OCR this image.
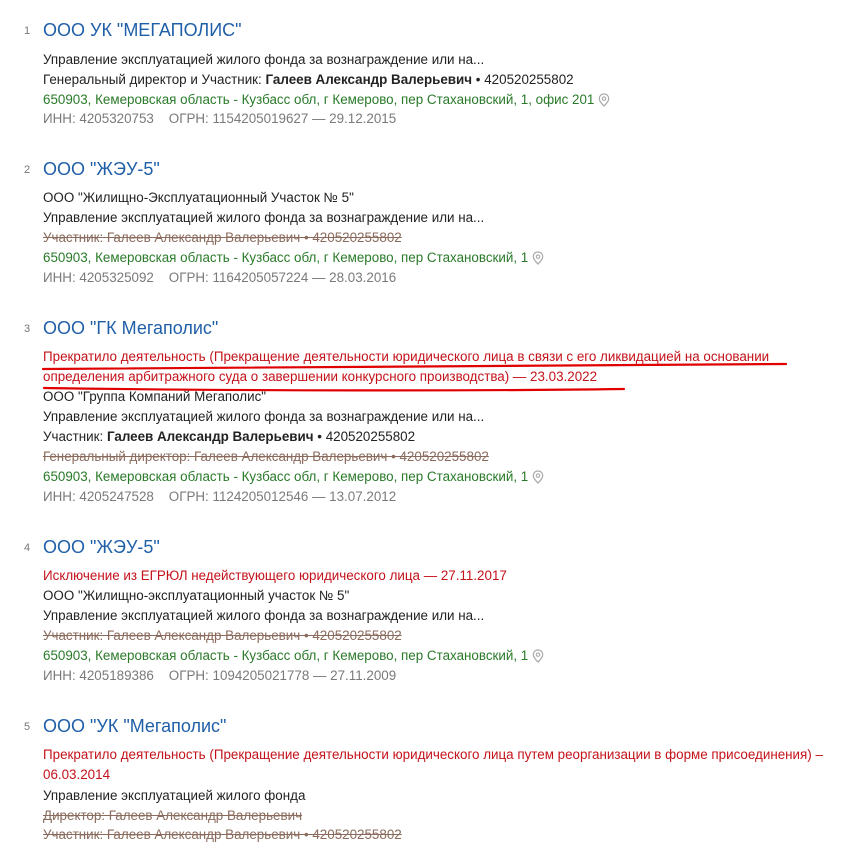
1 ООО УК "МЕГАПОЛИС"
Управление эксплуатацией жилого фонда за вознаграждение или на...
Генеральный директор и Участник: Галеев Александр Валерьевич • 420520255802
650903, Кемеровская область - Кузбасс обл, г Кемерово, пер Стахановский, 1, офис 201
ИНН: 4205320753 ОГРН: 1154205019627 — 29.12.2015
2 ООО "ЖЭУ-5"
ООО "Жилищно-Эксплуатационный Участок № 5"
Управление эксплуатацией жилого фонда за вознаграждение или на...
Участник: Галеев Александр Валерьевич • 420520255802
650903, Кемеровская область - Кузбасс обл, г Кемерово, пер Стахановский, 1
ИНН: 4205325092 ОГРН: 1164205057224 — 28.03.2016
3 ООО "ГК Мегаполис"
Прекратило деятельность (Прекращение деятельности юридического лица в связи с его ликвидацией на основании
определения арбитражного суда о завершении конкурсного производства) — 23.03.2022
ООО "Группа Компаний Мегаполис"
Управление эксплуатацией жилого фонда за вознаграждение или на...
Участник: Галеев Александр Валерьевич • 420520255802
Генеральный директор: Галеев Александр Валерьевич • 420520255802
650903, Кемеровская область - Кузбасс обл, г Кемерово, пер Стахановский, 1
ИНН: 4205247528 ОГРН: 1124205012546 — 13.07.2012
4 ООО "ЖЭУ-5"
Исключение из ЕГРЮЛ недействующего юридического лица — 27.11.2017
ООО "Жилищно-эксплуатационный участок № 5"
Управление эксплуатацией жилого фонда за вознаграждение или на...
Участник: Галеев Александр Валерьевич • 420520255802
650903, Кемеровская область - Кузбасс обл, г Кемерово, пер Стахановский, 1
ИНН: 4205189386 ОГРН: 1094205021778 — 27.11.2009
5 ООО "УК "Мегаполис"
Прекратило деятельность (Прекращение деятельности юридического лица путем реорганизации в форме присоединения) –
06.03.2014
Управление эксплуатацией жилого фонда
Директор: Галеев Александр Валерьевич
Участник: Галеев Александр Валерьевич • 420520255802
